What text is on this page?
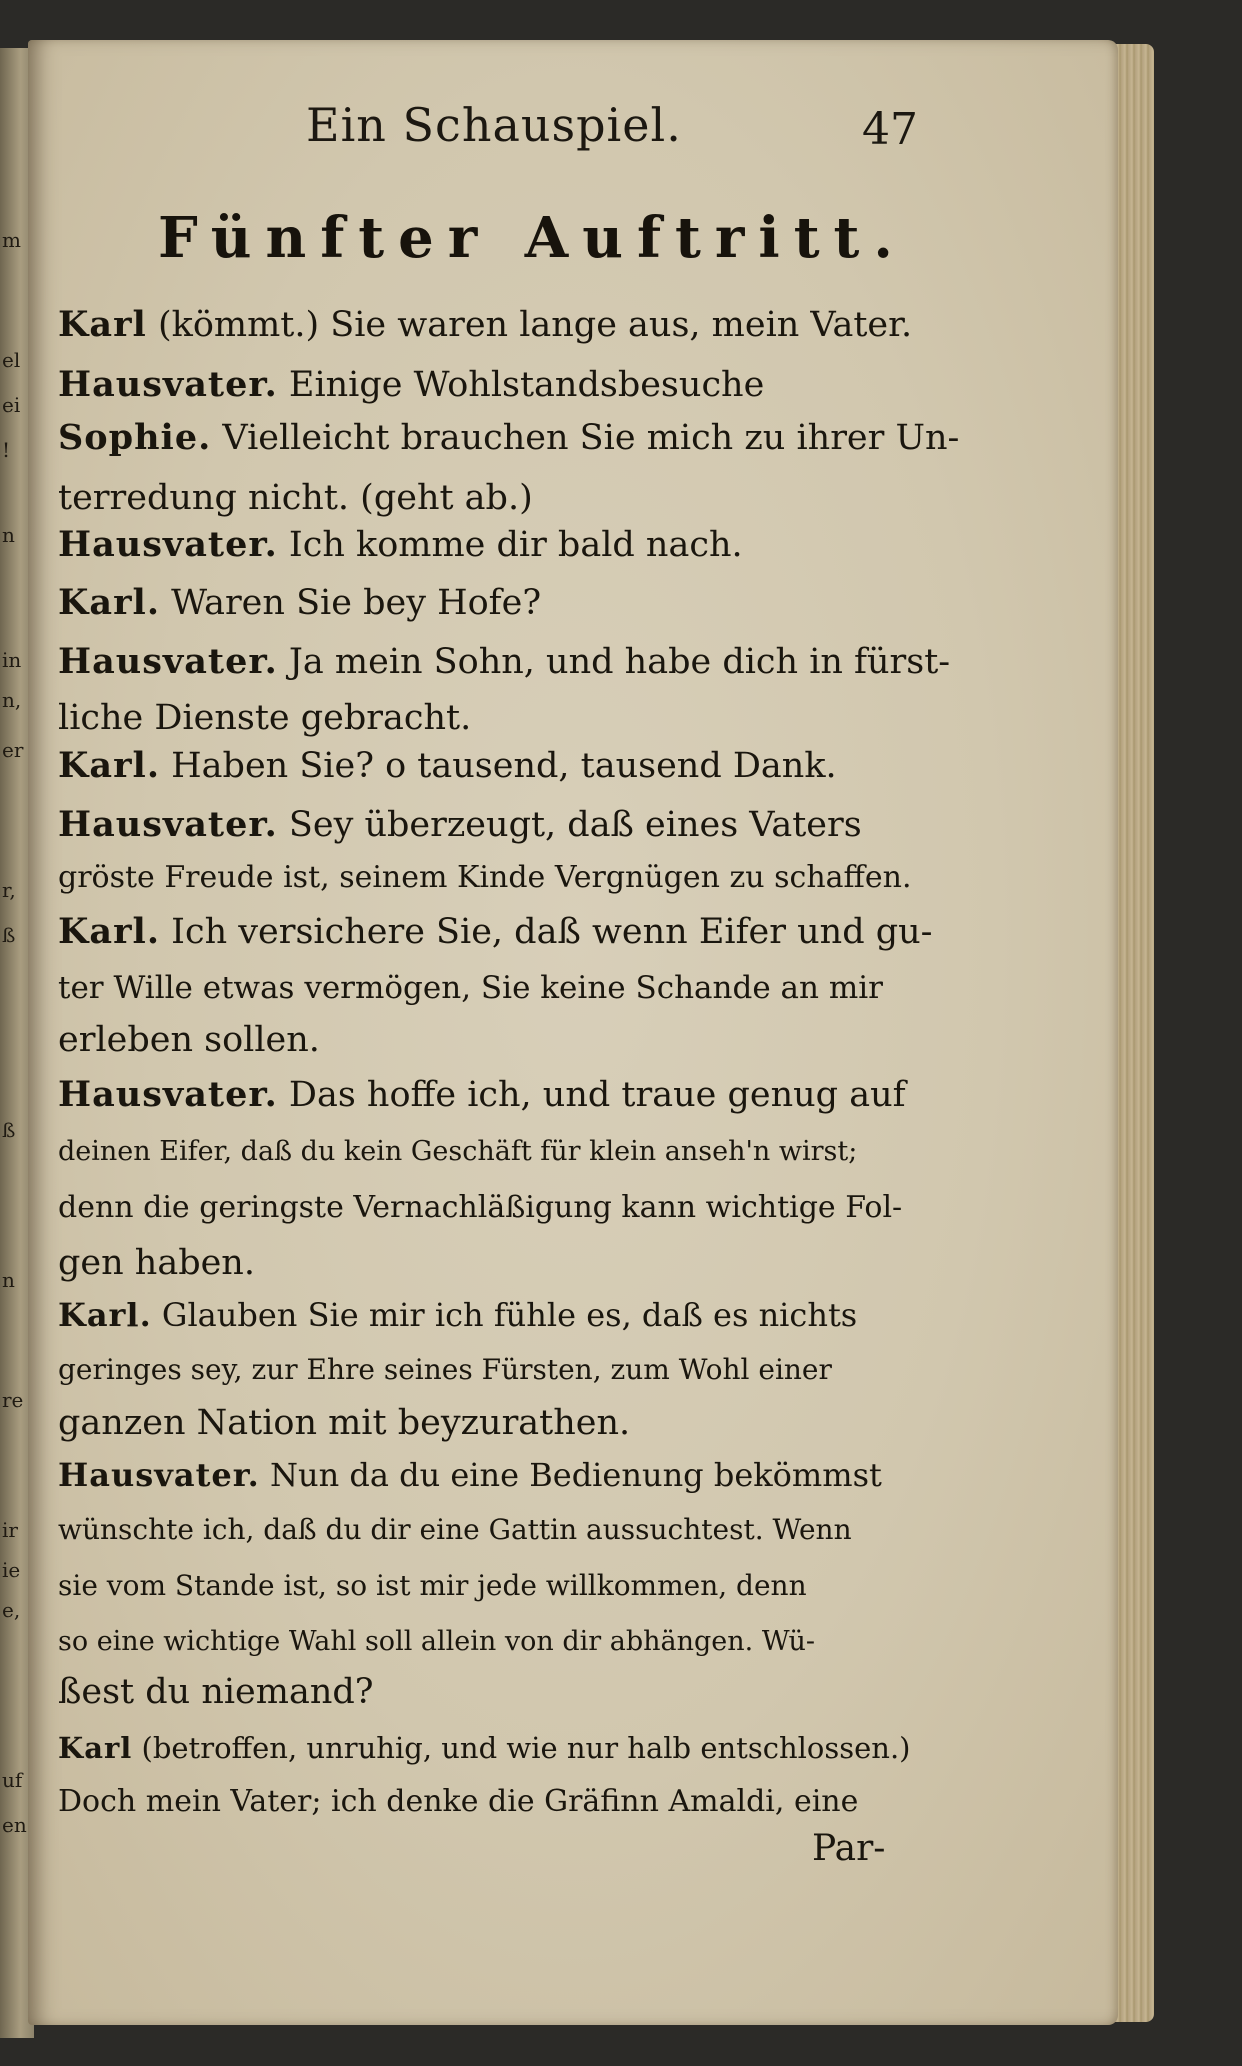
m
el
ei
!
n
in
n,
er
r,
ß
ß
n
re
ir
ie
e,
uf
en
Ein Schauspiel.	47
Fünfter Auftritt.
Karl (kömmt.) Sie waren lange aus, mein Vater.
Hausvater. Einige Wohlstandsbesuche
Sophie. Vielleicht brauchen Sie mich zu ihrer Un-
terredung nicht. (geht ab.)
Hausvater. Ich komme dir bald nach.
Karl. Waren Sie bey Hofe?
Hausvater. Ja mein Sohn, und habe dich in fürst-
liche Dienste gebracht.
Karl. Haben Sie? o tausend, tausend Dank.
Hausvater. Sey überzeugt, daß eines Vaters
gröste Freude ist, seinem Kinde Vergnügen zu schaffen.
Karl. Ich versichere Sie, daß wenn Eifer und gu-
ter Wille etwas vermögen, Sie keine Schande an mir
erleben sollen.
Hausvater. Das hoffe ich, und traue genug auf
deinen Eifer, daß du kein Geschäft für klein anseh'n wirst;
denn die geringste Vernachläßigung kann wichtige Fol-
gen haben.
Karl. Glauben Sie mir ich fühle es, daß es nichts
geringes sey, zur Ehre seines Fürsten, zum Wohl einer
ganzen Nation mit beyzurathen.
Hausvater. Nun da du eine Bedienung bekömmst
wünschte ich, daß du dir eine Gattin aussuchtest. Wenn
sie vom Stande ist, so ist mir jede willkommen, denn
so eine wichtige Wahl soll allein von dir abhängen. Wü-
ßest du niemand?
Karl (betroffen, unruhig, und wie nur halb entschlossen.)
Doch mein Vater; ich denke die Gräfinn Amaldi, eine
Par-
